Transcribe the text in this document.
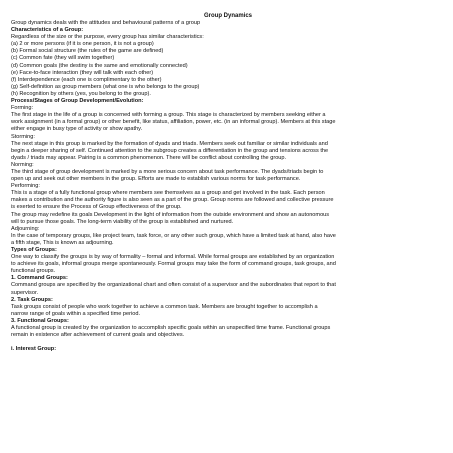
Group Dynamics
Group dynamics deals with the attitudes and behavioural patterns of a group
Characteristics of a Group:
Regardless of the size or the purpose, every group has similar characteristics:
(a) 2 or more persons (if it is one person, it is not a group)
(b) Formal social structure (the rules of the game are defined)
(c) Common fate (they will swim together)
(d) Common goals (the destiny is the same and emotionally connected)
(e) Face-to-face interaction (they will talk with each other)
(f) Interdependence (each one is complimentary to the other)
(g) Self-definition as group members (what one is who belongs to the group)
(h) Recognition by others (yes, you belong to the group).
Process/Stages of Group Development/Evolution:
Forming:
The first stage in the life of a group is concerned with forming a group. This stage is characterized by members seeking either a
work assignment (in a formal group) or other benefit, like status, affiliation, power, etc. (in an informal group). Members at this stage
either engage in busy type of activity or show apathy.
Storming:
The next stage in this group is marked by the formation of dyads and triads. Members seek out familiar or similar individuals and
begin a deeper sharing of self. Continued attention to the subgroup creates a differentiation in the group and tensions across the
dyads / triads may appear. Pairing is a common phenomenon. There will be conflict about controlling the group.
Norming:
The third stage of group development is marked by a more serious concern about task performance. The dyads/triads begin to
open up and seek out other members in the group. Efforts are made to establish various norms for task performance.
Performing:
This is a stage of a fully functional group where members see themselves as a group and get involved in the task. Each person
makes a contribution and the authority figure is also seen as a part of the group. Group norms are followed and collective pressure
is exerted to ensure the Process of Group effectiveness of the group.
The group may redefine its goals Development in the light of information from the outside environment and show an autonomous
will to pursue those goals. The long-term viability of the group is established and nurtured.
Adjourning:
In the case of temporary groups, like project team, task force, or any other such group, which have a limited task at hand, also have
a fifth stage, This is known as adjourning.
Types of Groups:
One way to classify the groups is by way of formality – formal and informal. While formal groups are established by an organization
to achieve its goals, informal groups merge spontaneously. Formal groups may take the form of command groups, task groups, and
functional groups.
1. Command Groups:
Command groups are specified by the organizational chart and often consist of a supervisor and the subordinates that report to that
supervisor.
2. Task Groups:
Task groups consist of people who work together to achieve a common task. Members are brought together to accomplish a
narrow range of goals within a specified time period.
3. Functional Groups:
A functional group is created by the organization to accomplish specific goals within an unspecified time frame. Functional groups
remain in existence after achievement of current goals and objectives.
i. Interest Group:
